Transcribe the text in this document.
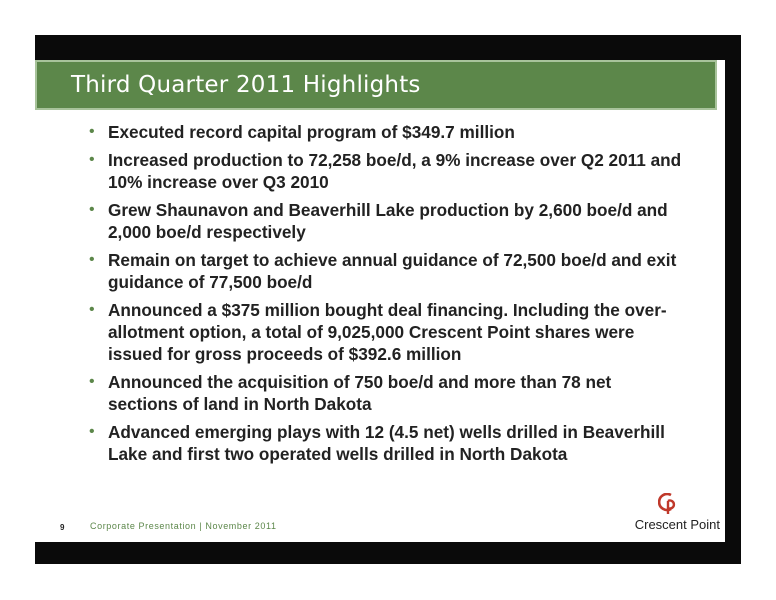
Third Quarter 2011 Highlights
• Executed record capital program of $349.7 million
• Increased production to 72,258 boe/d, a 9% increase over Q2 2011 and 10% increase over Q3 2010
• Grew Shaunavon and Beaverhill Lake production by 2,600 boe/d and 2,000 boe/d respectively
• Remain on target to achieve annual guidance of 72,500 boe/d and exit guidance of 77,500 boe/d
• Announced a $375 million bought deal financing. Including the over-allotment option, a total of 9,025,000 Crescent Point shares were issued for gross proceeds of $392.6 million
• Announced the acquisition of 750 boe/d and more than 78 net sections of land in North Dakota
• Advanced emerging plays with 12 (4.5 net) wells drilled in Beaverhill Lake and first two operated wells drilled in North Dakota
9	Corporate Presentation | November 2011	Crescent Point
